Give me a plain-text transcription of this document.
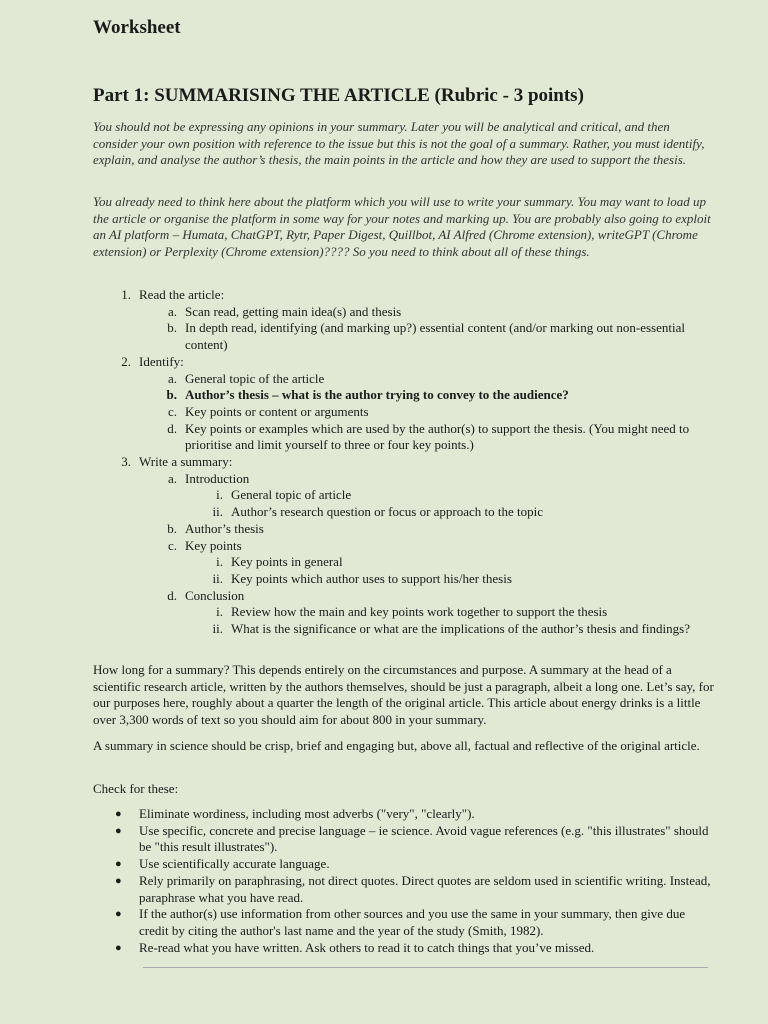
Worksheet
Part 1: SUMMARISING THE ARTICLE (Rubric - 3 points)

You should not be expressing any opinions in your summary. Later you will be analytical and critical, and then consider your own position with reference to the issue but this is not the goal of a summary. Rather, you must identify, explain, and analyse the author’s thesis, the main points in the article and how they are used to support the thesis.

You already need to think here about the platform which you will use to write your summary. You may want to load up the article or organise the platform in some way for your notes and marking up. You are probably also going to exploit an AI platform – Humata, ChatGPT, Rytr, Paper Digest, Quillbot, AI Alfred (Chrome extension), writeGPT (Chrome extension) or Perplexity (Chrome extension)???? So you need to think about all of these things.

1. Read the article:
a. Scan read, getting main idea(s) and thesis
b. In depth read, identifying (and marking up?) essential content (and/or marking out non-essential content)
2. Identify:
a. General topic of the article
b. Author’s thesis – what is the author trying to convey to the audience?
c. Key points or content or arguments
d. Key points or examples which are used by the author(s) to support the thesis. (You might need to prioritise and limit yourself to three or four key points.)
3. Write a summary:
a. Introduction
i. General topic of article
ii. Author’s research question or focus or approach to the topic
b. Author’s thesis
c. Key points
i. Key points in general
ii. Key points which author uses to support his/her thesis
d. Conclusion
i. Review how the main and key points work together to support the thesis
ii. What is the significance or what are the implications of the author’s thesis and findings?

How long for a summary? This depends entirely on the circumstances and purpose. A summary at the head of a scientific research article, written by the authors themselves, should be just a paragraph, albeit a long one. Let’s say, for our purposes here, roughly about a quarter the length of the original article. This article about energy drinks is a little over 3,300 words of text so you should aim for about 800 in your summary.

A summary in science should be crisp, brief and engaging but, above all, factual and reflective of the original article.

Check for these:

● Eliminate wordiness, including most adverbs ("very", "clearly").
● Use specific, concrete and precise language – ie science. Avoid vague references (e.g. "this illustrates" should be "this result illustrates").
● Use scientifically accurate language.
● Rely primarily on paraphrasing, not direct quotes. Direct quotes are seldom used in scientific writing. Instead, paraphrase what you have read.
● If the author(s) use information from other sources and you use the same in your summary, then give due credit by citing the author's last name and the year of the study (Smith, 1982).
● Re-read what you have written. Ask others to read it to catch things that you’ve missed.
